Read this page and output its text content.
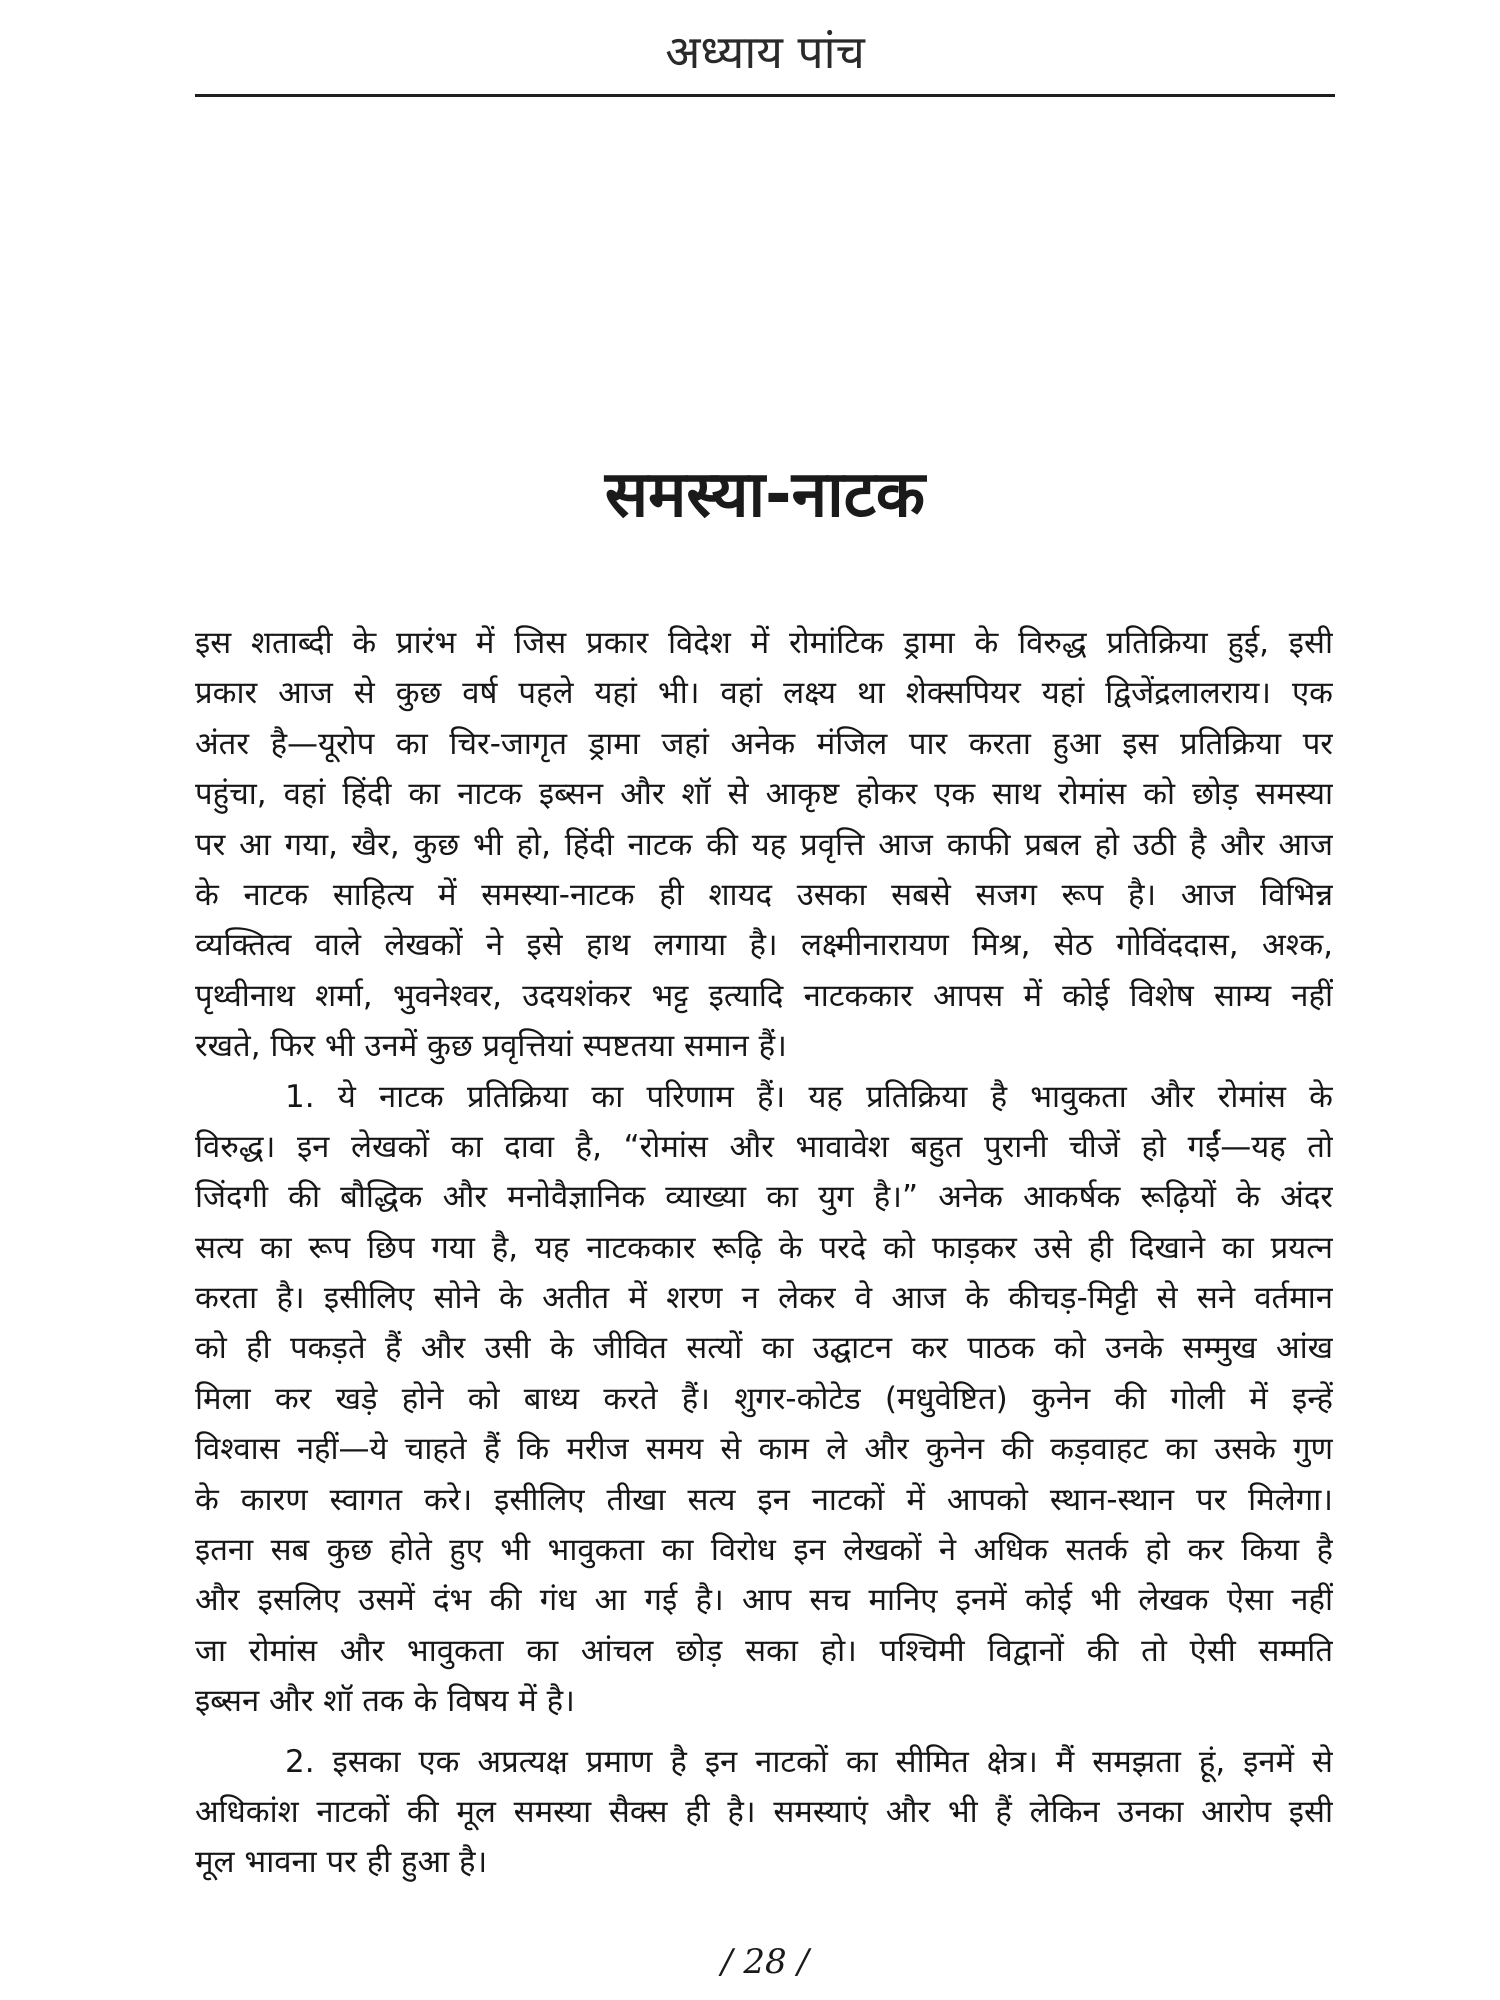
अध्याय पांच
समस्या-नाटक
इस शताब्दी के प्रारंभ में जिस प्रकार विदेश में रोमांटिक ड्रामा के विरुद्ध प्रतिक्रिया हुई, इसी
प्रकार आज से कुछ वर्ष पहले यहां भी। वहां लक्ष्य था शेक्सपियर यहां द्विजेंद्रलालराय। एक
अंतर है—यूरोप का चिर-जागृत ड्रामा जहां अनेक मंजिल पार करता हुआ इस प्रतिक्रिया पर
पहुंचा, वहां हिंदी का नाटक इब्सन और शॉ से आकृष्ट होकर एक साथ रोमांस को छोड़ समस्या
पर आ गया, खैर, कुछ भी हो, हिंदी नाटक की यह प्रवृत्ति आज काफी प्रबल हो उठी है और आज
के नाटक साहित्य में समस्या-नाटक ही शायद उसका सबसे सजग रूप है। आज विभिन्न
व्यक्तित्व वाले लेखकों ने इसे हाथ लगाया है। लक्ष्मीनारायण मिश्र, सेठ गोविंददास, अश्क,
पृथ्वीनाथ शर्मा, भुवनेश्वर, उदयशंकर भट्ट इत्यादि नाटककार आपस में कोई विशेष साम्य नहीं
रखते, फिर भी उनमें कुछ प्रवृत्तियां स्पष्टतया समान हैं।
1. ये नाटक प्रतिक्रिया का परिणाम हैं। यह प्रतिक्रिया है भावुकता और रोमांस के
विरुद्ध। इन लेखकों का दावा है, “रोमांस और भावावेश बहुत पुरानी चीजें हो गईं—यह तो
जिंदगी की बौद्धिक और मनोवैज्ञानिक व्याख्या का युग है।” अनेक आकर्षक रूढ़ियों के अंदर
सत्य का रूप छिप गया है, यह नाटककार रूढ़ि के परदे को फाड़कर उसे ही दिखाने का प्रयत्न
करता है। इसीलिए सोने के अतीत में शरण न लेकर वे आज के कीचड़-मिट्टी से सने वर्तमान
को ही पकड़ते हैं और उसी के जीवित सत्यों का उद्घाटन कर पाठक को उनके सम्मुख आंख
मिला कर खड़े होने को बाध्य करते हैं। शुगर-कोटेड (मधुवेष्टित) कुनेन की गोली में इन्हें
विश्वास नहीं—ये चाहते हैं कि मरीज समय से काम ले और कुनेन की कड़वाहट का उसके गुण
के कारण स्वागत करे। इसीलिए तीखा सत्य इन नाटकों में आपको स्थान-स्थान पर मिलेगा।
इतना सब कुछ होते हुए भी भावुकता का विरोध इन लेखकों ने अधिक सतर्क हो कर किया है
और इसलिए उसमें दंभ की गंध आ गई है। आप सच मानिए इनमें कोई भी लेखक ऐसा नहीं
जा रोमांस और भावुकता का आंचल छोड़ सका हो। पश्चिमी विद्वानों की तो ऐसी सम्मति
इब्सन और शॉ तक के विषय में है।
2. इसका एक अप्रत्यक्ष प्रमाण है इन नाटकों का सीमित क्षेत्र। मैं समझता हूं, इनमें से
अधिकांश नाटकों की मूल समस्या सैक्स ही है। समस्याएं और भी हैं लेकिन उनका आरोप इसी
मूल भावना पर ही हुआ है।
/ 28 /
